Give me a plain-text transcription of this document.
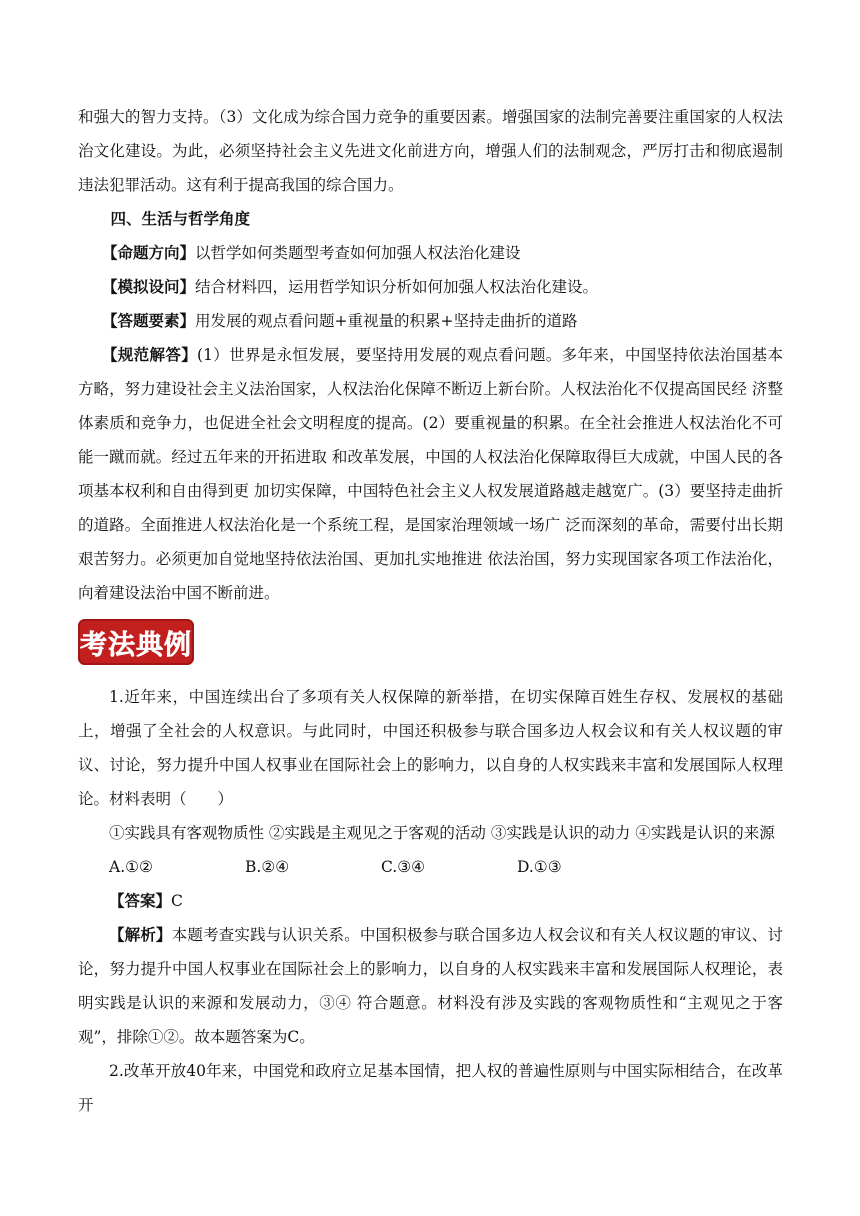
和强大的智力支持。（3）文化成为综合国力竞争的重要因素。增强国家的法制完善要注重国家的人权法治文化建设。为此，必须坚持社会主义先进文化前进方向，增强人们的法制观念，严厉打击和彻底遏制违法犯罪活动。这有利于提高我国的综合国力。

四、生活与哲学角度

【命题方向】以哲学如何类题型考查如何加强人权法治化建设

【模拟设问】结合材料四，运用哲学知识分析如何加强人权法治化建设。

【答题要素】用发展的观点看问题+重视量的积累+坚持走曲折的道路

【规范解答】(1）世界是永恒发展，要坚持用发展的观点看问题。多年来，中国坚持依法治国基本方略，努力建设社会主义法治国家，人权法治化保障不断迈上新台阶。人权法治化不仅提高国民经 济整体素质和竞争力，也促进全社会文明程度的提高。(2）要重视量的积累。在全社会推进人权法治化不可能一蹴而就。经过五年来的开拓进取 和改革发展，中国的人权法治化保障取得巨大成就，中国人民的各项基本权利和自由得到更 加切实保障，中国特色社会主义人权发展道路越走越宽广。(3）要坚持走曲折的道路。全面推进人权法治化是一个系统工程，是国家治理领域一场广 泛而深刻的革命，需要付出长期艰苦努力。必须更加自觉地坚持依法治国、更加扎实地推进 依法治国，努力实现国家各项工作法治化，向着建设法治中国不断前进。

考法典例

1.近年来，中国连续出台了多项有关人权保障的新举措，在切实保障百姓生存权、发展权的基础上，增强了全社会的人权意识。与此同时，中国还积极参与联合国多边人权会议和有关人权议题的审议、讨论，努力提升中国人权事业在国际社会上的影响力，以自身的人权实践来丰富和发展国际人权理论。材料表明（　　）

①实践具有客观物质性 ②实践是主观见之于客观的活动 ③实践是认识的动力 ④实践是认识的来源

A.①②	B.②④	C.③④	D.①③

【答案】C

【解析】本题考查实践与认识关系。中国积极参与联合国多边人权会议和有关人权议题的审议、讨论，努力提升中国人权事业在国际社会上的影响力，以自身的人权实践来丰富和发展国际人权理论，表明实践是认识的来源和发展动力，③④ 符合题意。材料没有涉及实践的客观物质性和“主观见之于客观”，排除①②。故本题答案为C。

2.改革开放40年来，中国党和政府立足基本国情，把人权的普遍性原则与中国实际相结合，在改革开
